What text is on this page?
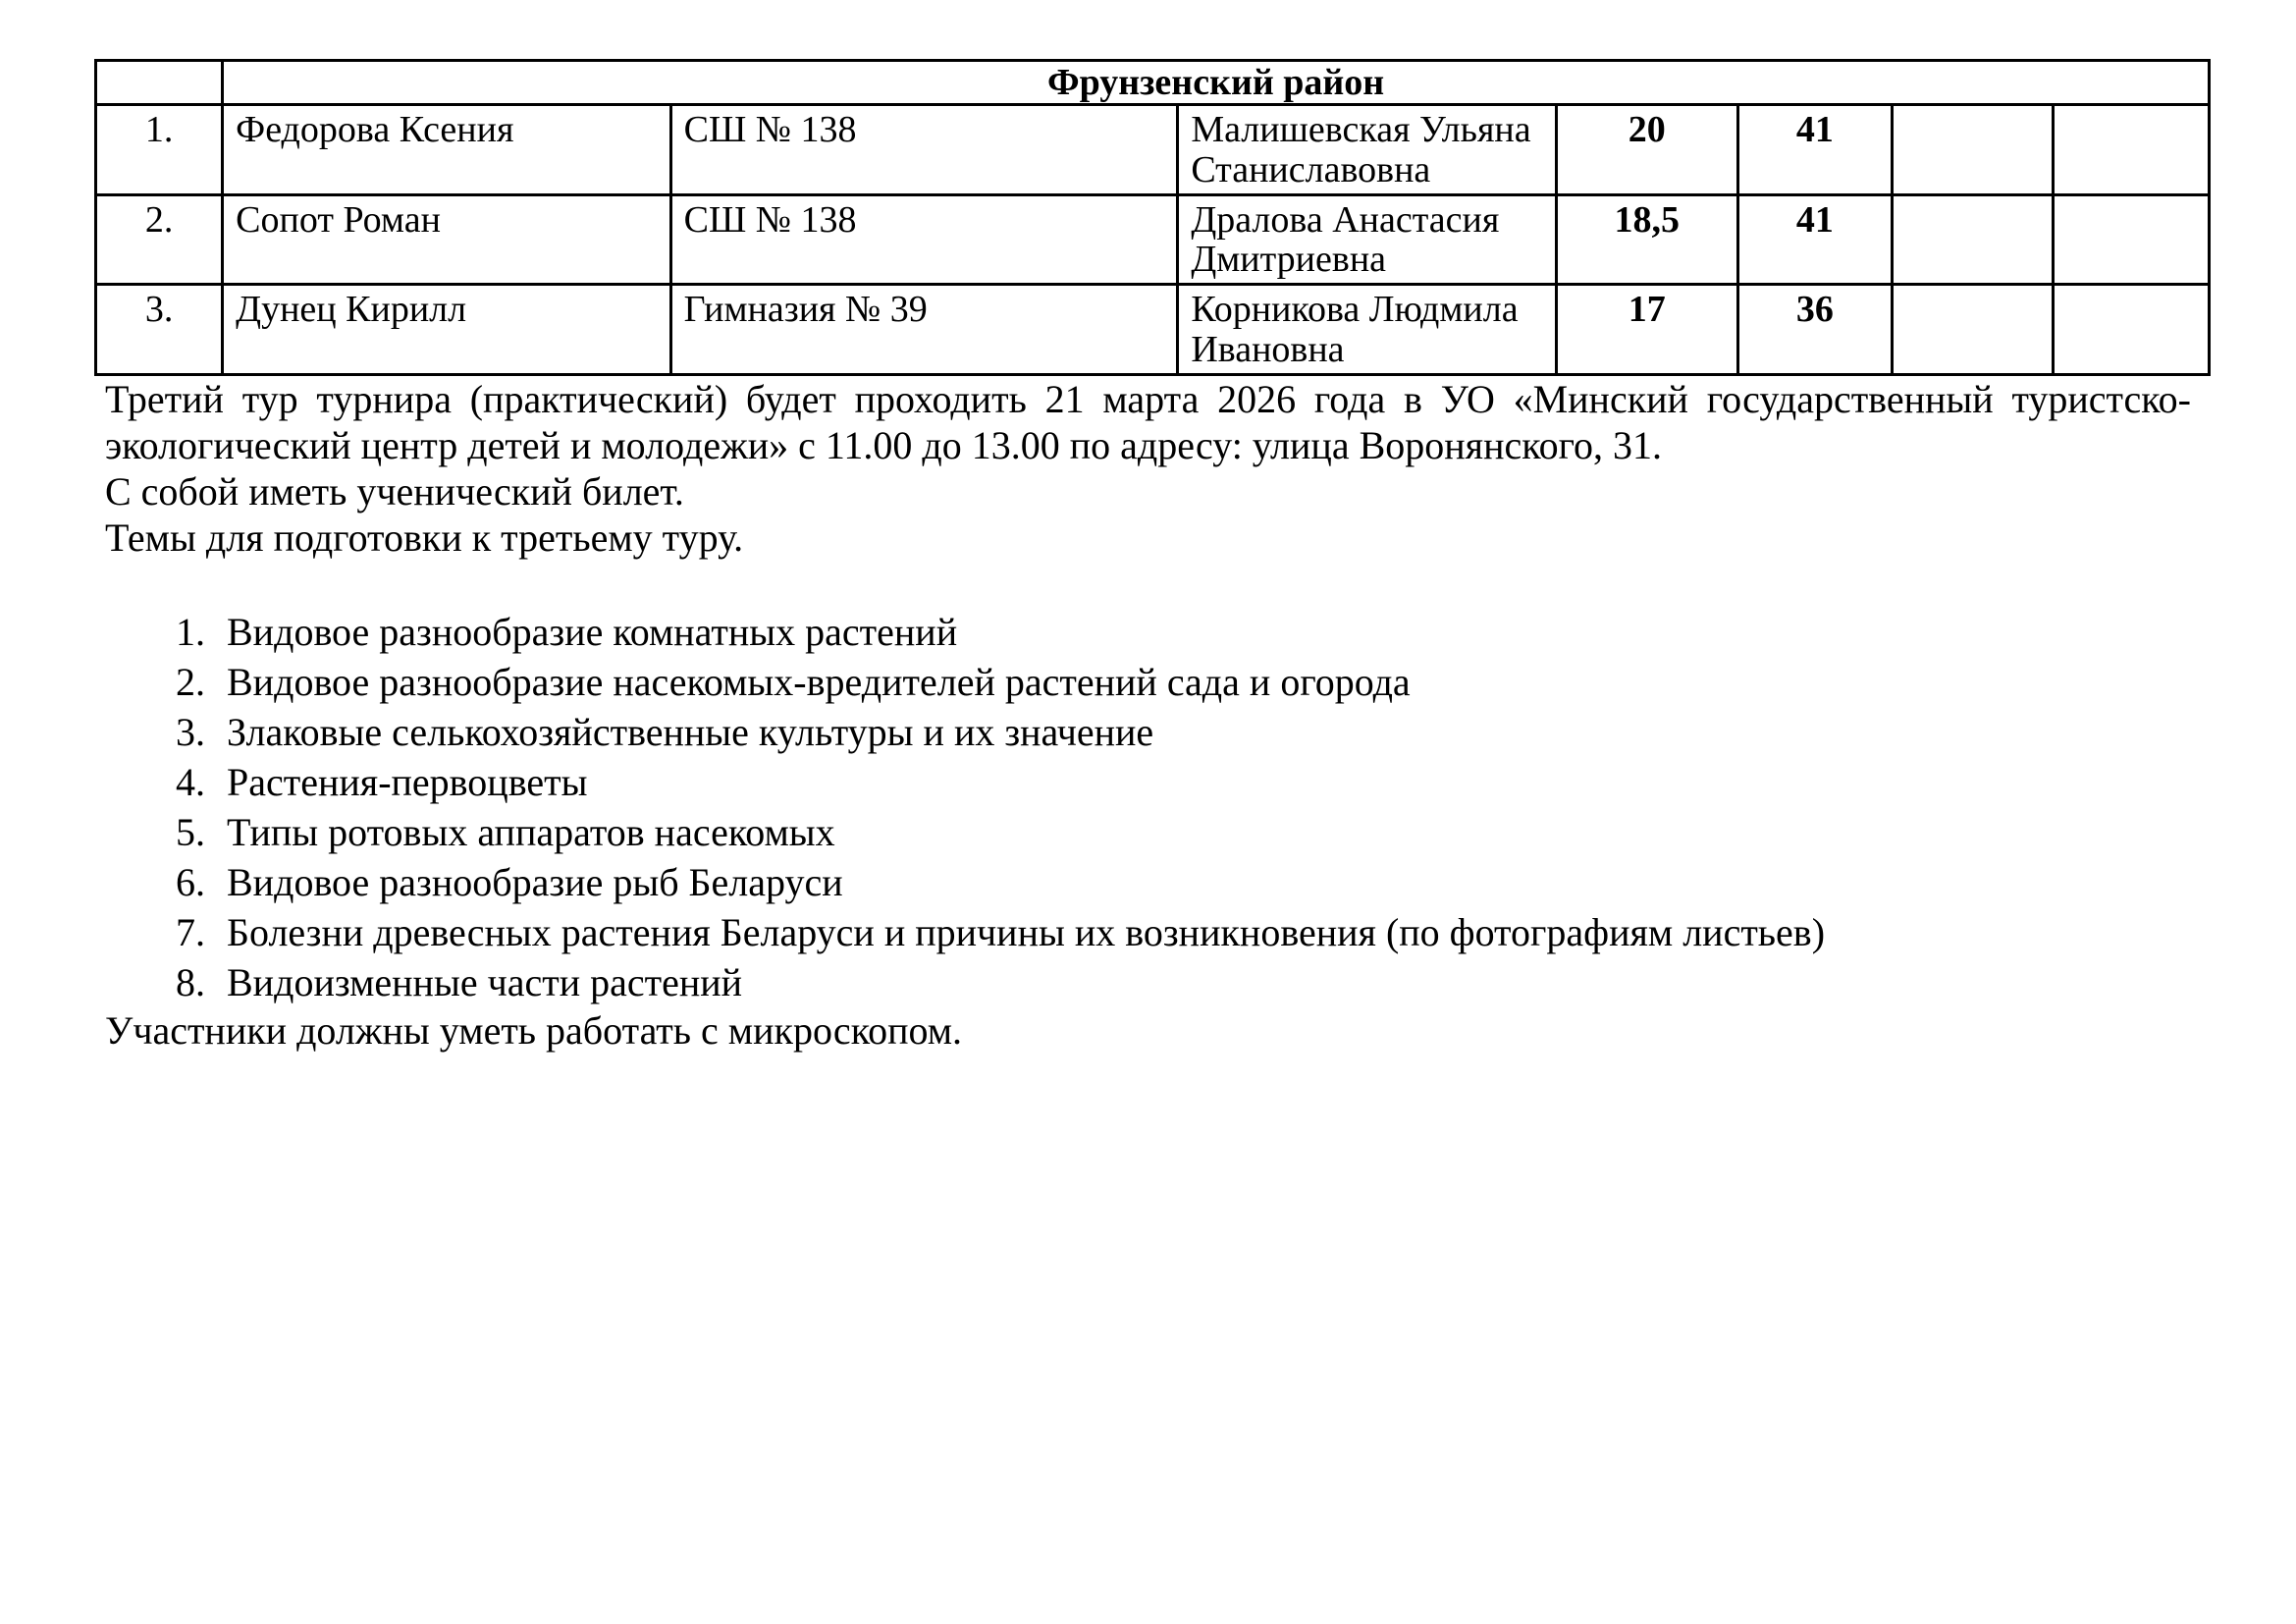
	Фрунзенский район						
1.	Федорова Ксения	СШ № 138	Малишевская Ульяна Станиславовна	20	41		
2.	Сопот Роман	СШ № 138	Дралова Анастасия Дмитриевна	18,5	41		
3.	Дунец Кирилл	Гимназия № 39	Корникова Людмила Ивановна	17	36		

Третий тур турнира (практический) будет проходить 21 марта 2026 года в УО «Минский государственный туристско-экологический центр детей и молодежи» с 11.00 до 13.00 по адресу: улица Воронянского, 31.

С собой иметь ученический билет.

Темы для подготовки к третьему туру.

1. Видовое разнообразие комнатных растений
2. Видовое разнообразие насекомых-вредителей растений сада и огорода
3. Злаковые селькохозяйственные культуры и их значение
4. Растения-первоцветы
5. Типы ротовых аппаратов насекомых
6. Видовое разнообразие рыб Беларуси
7. Болезни древесных растения Беларуси и причины их возникновения (по фотографиям листьев)
8. Видоизменные части растений

Участники должны уметь работать с микроскопом.
